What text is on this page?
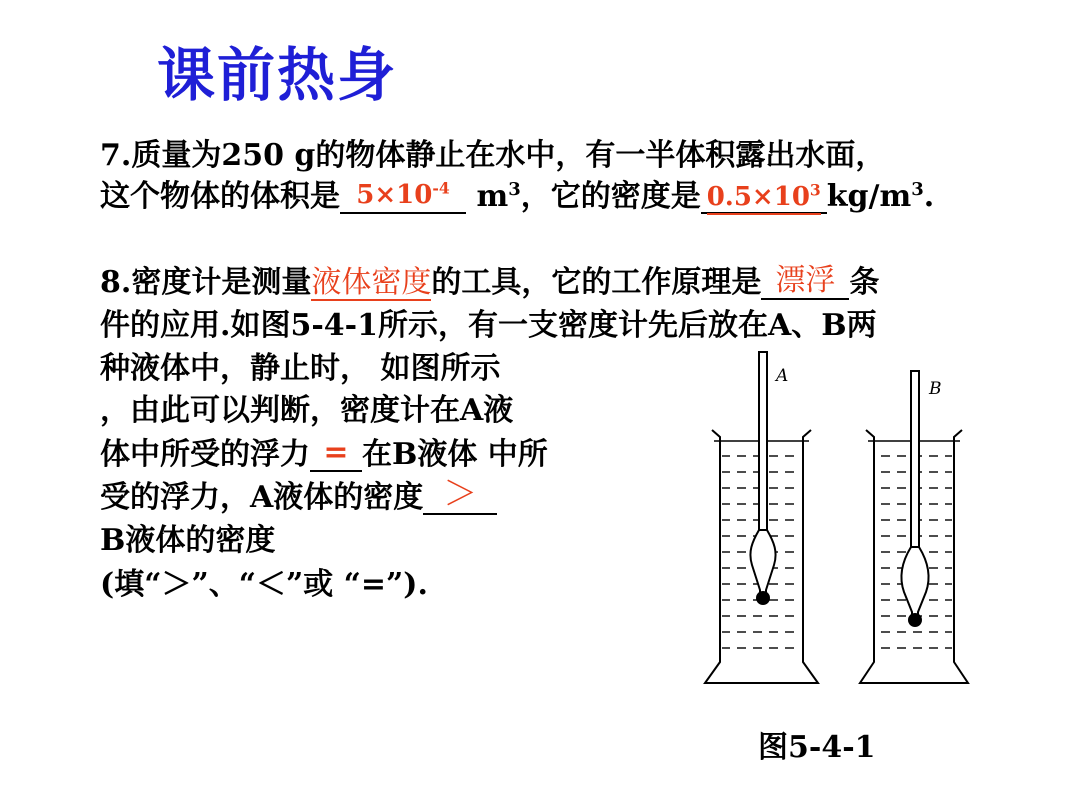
课前热身
7.质量为250 g的物体静止在水中，有一半体积露出水面，
这个物体的体积是 $5\times 10^{-4}$ $m^3$，它的密度是 $0.5\times 10^3$ $kg/m^3$.
8.密度计是测量液体密度的工具，它的工作原理是 漂浮 条
件的应用.如图5-4-1所示，有一支密度计先后放在A、B两
种液体中，静止时， 如图所示
，由此可以判断，密度计在A液
体中所受的浮力 = 在B液体 中所
受的浮力，A液体的密度 ＞

B液体的密度
(填“＞”、“＜”或 “=”).
A
B
图5-4-1
